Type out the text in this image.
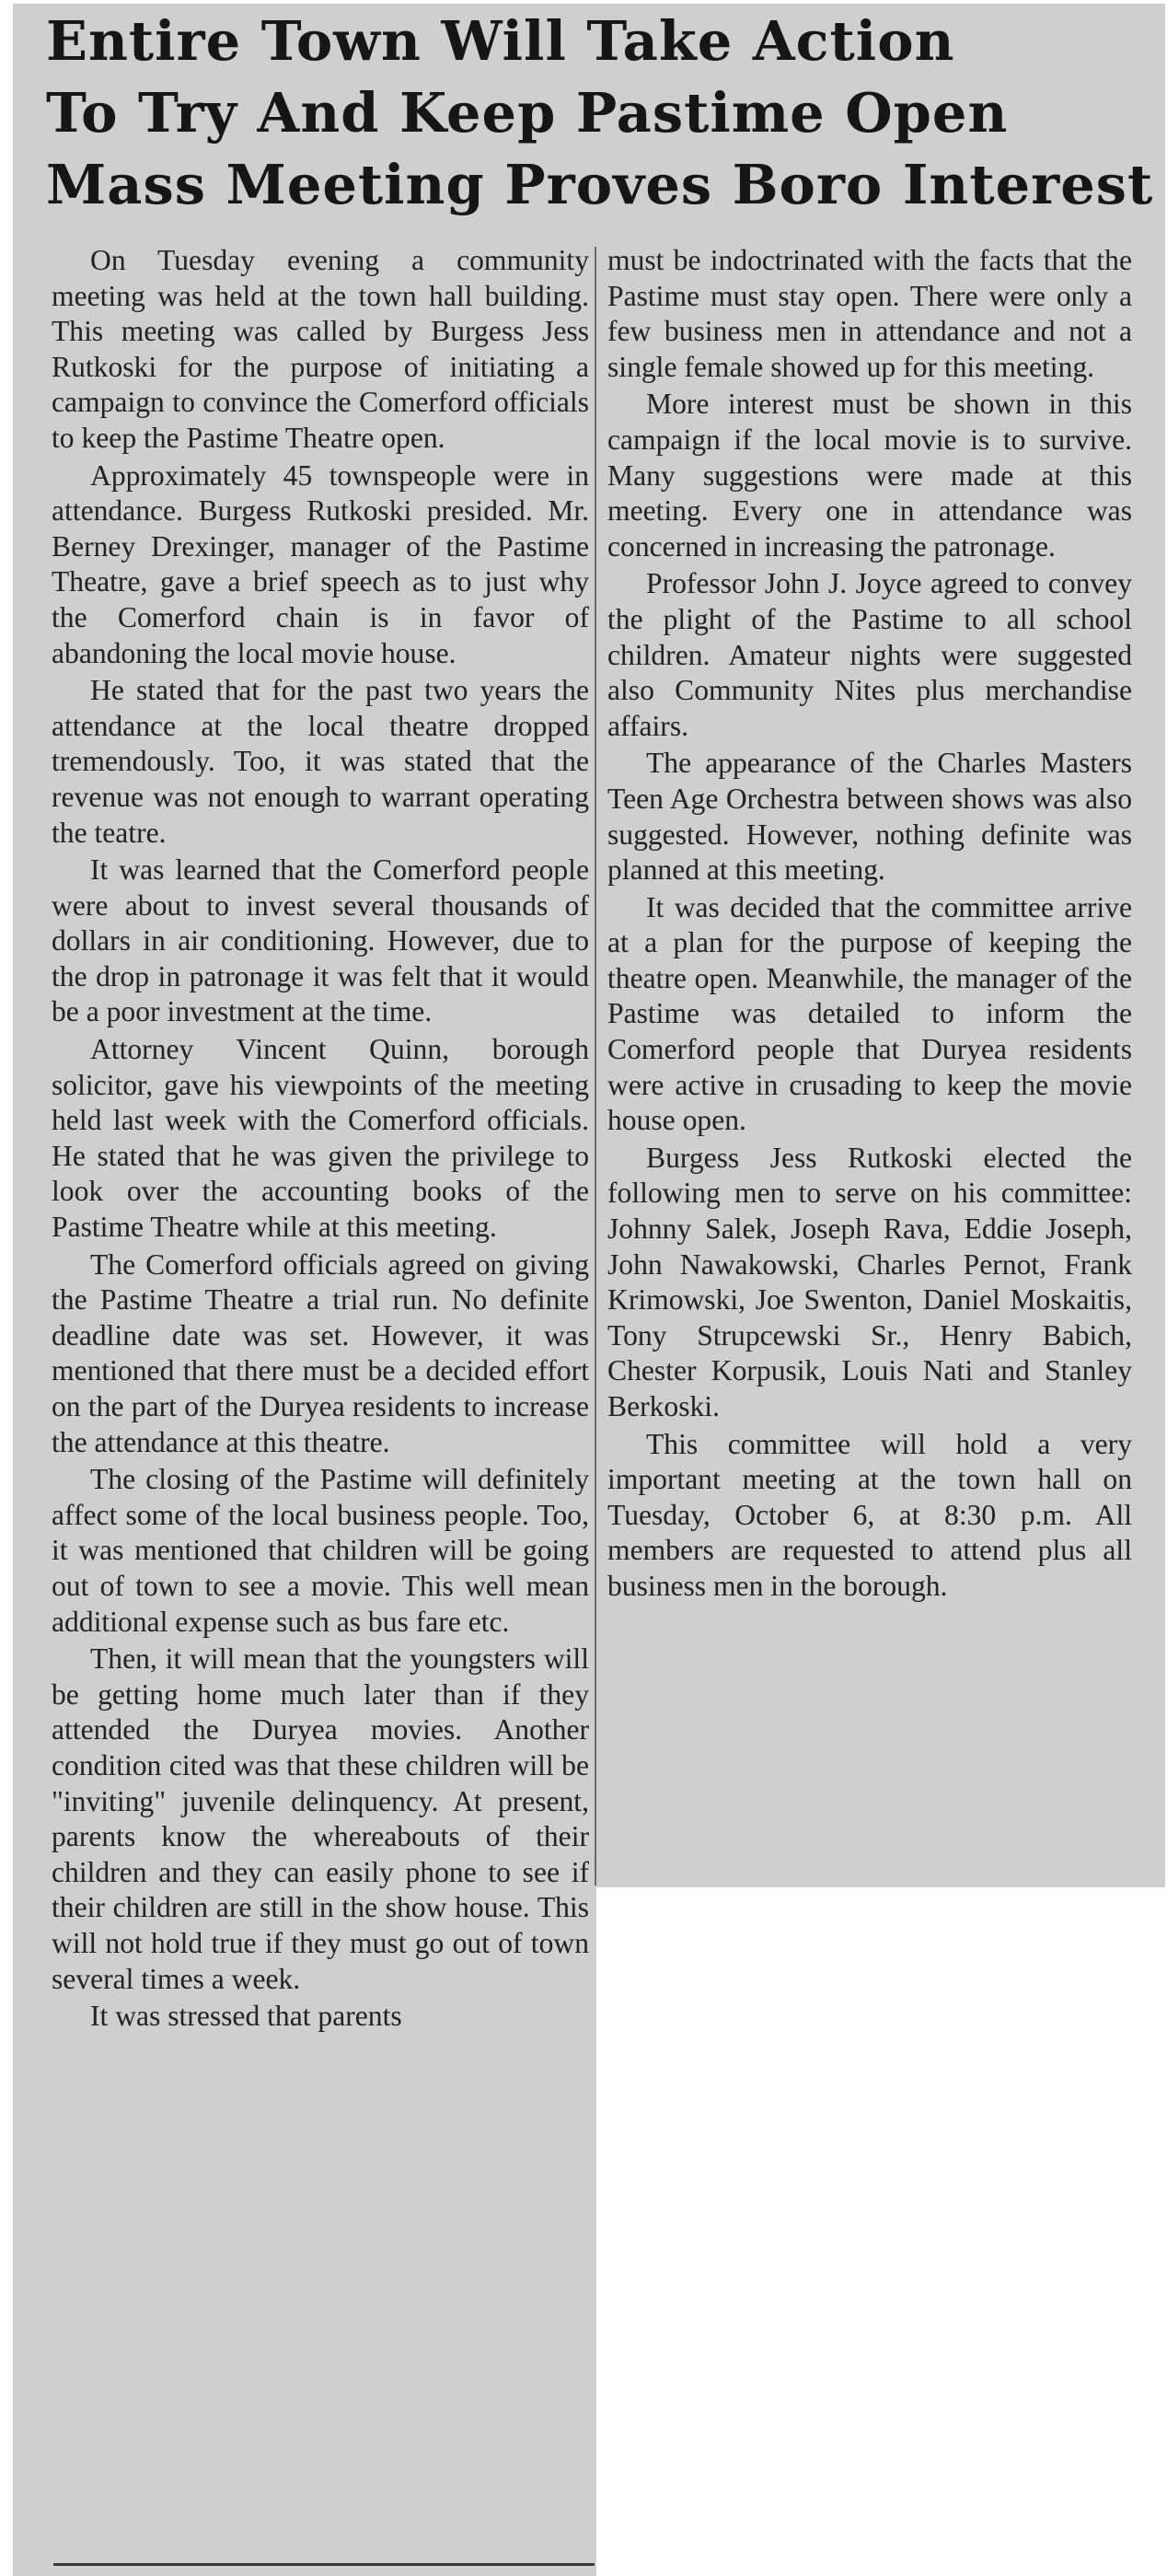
Entire Town Will Take Action
To Try And Keep Pastime Open
Mass Meeting Proves Boro Interest

On Tuesday evening a community meeting was held at the town hall building. This meeting was called by Burgess Jess Rutkoski for the purpose of initiating a campaign to convince the Comerford officials to keep the Pastime Theatre open.

Approximately 45 townspeople were in attendance. Burgess Rutkoski presided. Mr. Berney Drexinger, manager of the Pastime Theatre, gave a brief speech as to just why the Comerford chain is in favor of abandoning the local movie house.

He stated that for the past two years the attendance at the local theatre dropped tremendously. Too, it was stated that the revenue was not enough to warrant operating the teatre.

It was learned that the Comerford people were about to invest several thousands of dollars in air conditioning. However, due to the drop in patronage it was felt that it would be a poor investment at the time.

Attorney Vincent Quinn, borough solicitor, gave his viewpoints of the meeting held last week with the Comerford officials. He stated that he was given the privilege to look over the accounting books of the Pastime Theatre while at this meeting.

The Comerford officials agreed on giving the Pastime Theatre a trial run. No definite deadline date was set. However, it was mentioned that there must be a decided effort on the part of the Duryea residents to increase the attendance at this theatre.

The closing of the Pastime will definitely affect some of the local business people. Too, it was mentioned that children will be going out of town to see a movie. This well mean additional expense such as bus fare etc.

Then, it will mean that the youngsters will be getting home much later than if they attended the Duryea movies. Another condition cited was that these children will be "inviting" juvenile delinquency. At present, parents know the whereabouts of their children and they can easily phone to see if their children are still in the show house. This will not hold true if they must go out of town several times a week.

It was stressed that parents

must be indoctrinated with the facts that the Pastime must stay open. There were only a few business men in attendance and not a single female showed up for this meeting.

More interest must be shown in this campaign if the local movie is to survive. Many suggestions were made at this meeting. Every one in attendance was concerned in increasing the patronage.

Professor John J. Joyce agreed to convey the plight of the Pastime to all school children. Amateur nights were suggested also Community Nites plus merchandise affairs.

The appearance of the Charles Masters Teen Age Orchestra between shows was also suggested. However, nothing definite was planned at this meeting.

It was decided that the committee arrive at a plan for the purpose of keeping the theatre open. Meanwhile, the manager of the Pastime was detailed to inform the Comerford people that Duryea residents were active in crusading to keep the movie house open.

Burgess Jess Rutkoski elected the following men to serve on his committee: Johnny Salek, Joseph Rava, Eddie Joseph, John Nawakowski, Charles Pernot, Frank Krimowski, Joe Swenton, Daniel Moskaitis, Tony Strupcewski Sr., Henry Babich, Chester Korpusik, Louis Nati and Stanley Berkoski.

This committee will hold a very important meeting at the town hall on Tuesday, October 6, at 8:30 p.m. All members are requested to attend plus all business men in the borough.
